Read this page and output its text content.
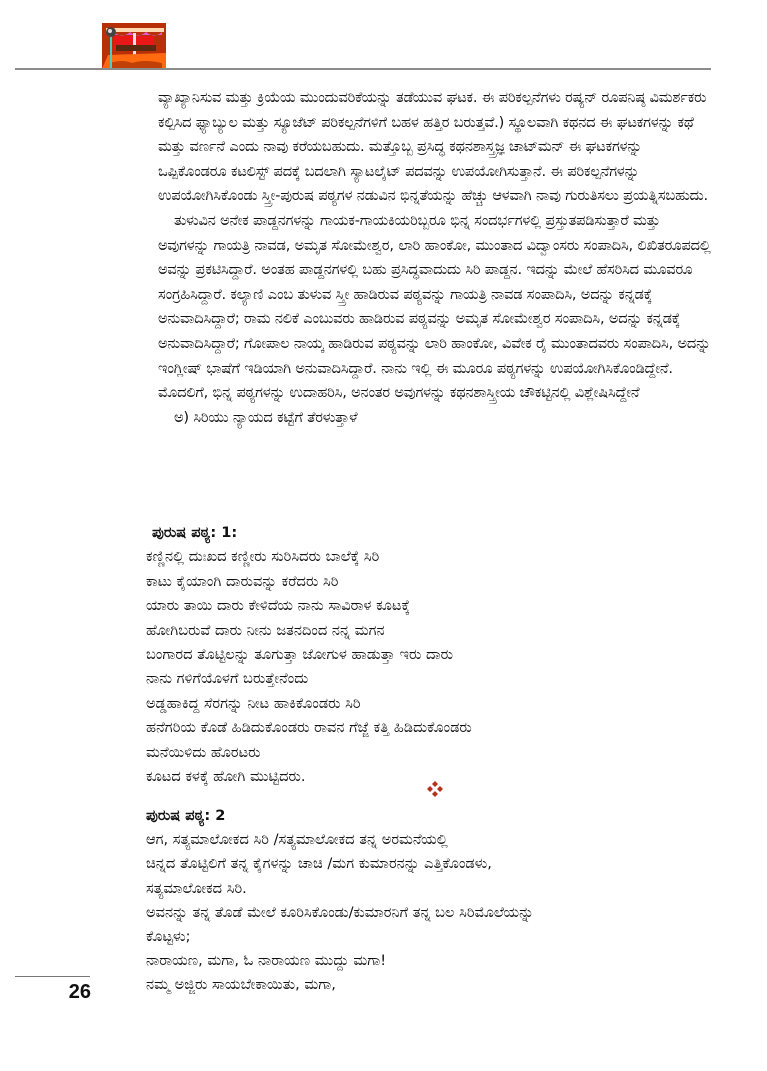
ವ್ಯಾಖ್ಯಾನಿಸುವ ಮತ್ತು ಕ್ರಿಯೆಯ ಮುಂದುವರಿಕೆಯನ್ನು ತಡೆಯುವ ಘಟಕ. ಈ ಪರಿಕಲ್ಪನೆಗಳು ರಷ್ಯನ್ ರೂಪನಿಷ್ಠ ವಿಮರ್ಶಕರು ಕಲ್ಪಿಸಿದ ಫ್ಯಾಬ್ಯುಲ ಮತ್ತು ಸ್ಯೂಜೆಟ್ ಪರಿಕಲ್ಪನೆಗಳಿಗೆ ಬಹಳ ಹತ್ತಿರ ಬರುತ್ತವೆ.) ಸ್ಥೂಲವಾಗಿ ಕಥನದ ಈ ಘಟಕಗಳನ್ನು ಕಥೆ ಮತ್ತು ವರ್ಣನೆ ಎಂದು ನಾವು ಕರೆಯಬಹುದು. ಮತ್ತೊಬ್ಬ ಪ್ರಸಿದ್ಧ ಕಥನಶಾಸ್ತ್ರಜ್ಞ ಚಾಟ್‌ಮನ್ ಈ ಘಟಕಗಳನ್ನು ಒಪ್ಪಿಕೊಂಡರೂ ಕಟಲಿಸ್ಟ್ ಪದಕ್ಕೆ ಬದಲಾಗಿ ಸ್ಯಾಟಲೈಟ್ ಪದವನ್ನು ಉಪಯೋಗಿಸುತ್ತಾನೆ. ಈ ಪರಿಕಲ್ಪನೆಗಳನ್ನು ಉಪಯೋಗಿಸಿಕೊಂಡು ಸ್ತ್ರೀ-ಪುರುಷ ಪಠ್ಯಗಳ ನಡುವಿನ ಭಿನ್ನತೆಯನ್ನು ಹೆಚ್ಚು ಆಳವಾಗಿ ನಾವು ಗುರುತಿಸಲು ಪ್ರಯತ್ನಿಸಬಹುದು.

ತುಳುವಿನ ಅನೇಕ ಪಾಡ್ದನಗಳನ್ನು ಗಾಯಕ-ಗಾಯಕಿಯರಿಬ್ಬರೂ ಭಿನ್ನ ಸಂದರ್ಭಗಳಲ್ಲಿ ಪ್ರಸ್ತುತಪಡಿಸುತ್ತಾರೆ ಮತ್ತು ಅವುಗಳನ್ನು ಗಾಯತ್ರಿ ನಾವಡ, ಅಮೃತ ಸೋಮೇಶ್ವರ, ಲಾರಿ ಹಾಂಕೋ, ಮುಂತಾದ ವಿದ್ವಾಂಸರು ಸಂಪಾದಿಸಿ, ಲಿಖಿತರೂಪದಲ್ಲಿ ಅವನ್ನು ಪ್ರಕಟಿಸಿದ್ದಾರೆ. ಅಂತಹ ಪಾಡ್ದನಗಳಲ್ಲಿ ಬಹು ಪ್ರಸಿದ್ಧವಾದುದು ಸಿರಿ ಪಾಡ್ದನ. ಇದನ್ನು ಮೇಲೆ ಹೆಸರಿಸಿದ ಮೂವರೂ ಸಂಗ್ರಹಿಸಿದ್ದಾರೆ. ಕಲ್ಯಾಣಿ ಎಂಬ ತುಳುವ ಸ್ತ್ರೀ ಹಾಡಿರುವ ಪಠ್ಯವನ್ನು ಗಾಯತ್ರಿ ನಾವಡ ಸಂಪಾದಿಸಿ, ಅದನ್ನು ಕನ್ನಡಕ್ಕೆ ಅನುವಾದಿಸಿದ್ದಾರೆ; ರಾಮ ನಲಿಕೆ ಎಂಬುವರು ಹಾಡಿರುವ ಪಠ್ಯವನ್ನು ಅಮೃತ ಸೋಮೇಶ್ವರ ಸಂಪಾದಿಸಿ, ಅದನ್ನು ಕನ್ನಡಕ್ಕೆ ಅನುವಾದಿಸಿದ್ದಾರೆ; ಗೋಪಾಲ ನಾಯ್ಕ ಹಾಡಿರುವ ಪಠ್ಯವನ್ನು ಲಾರಿ ಹಾಂಕೋ, ವಿವೇಕ ರೈ ಮುಂತಾದವರು ಸಂಪಾದಿಸಿ, ಅದನ್ನು ಇಂಗ್ಲೀಷ್ ಭಾಷೆಗೆ ಇಡಿಯಾಗಿ ಅನುವಾದಿಸಿದ್ದಾರೆ. ನಾನು ಇಲ್ಲಿ ಈ ಮೂರೂ ಪಠ್ಯಗಳನ್ನು ಉಪಯೋಗಿಸಿಕೊಂಡಿದ್ದೇನೆ. ಮೊದಲಿಗೆ, ಭಿನ್ನ ಪಠ್ಯಗಳನ್ನು ಉದಾಹರಿಸಿ, ಅನಂತರ ಅವುಗಳನ್ನು ಕಥನಶಾಸ್ತ್ರೀಯ ಚೌಕಟ್ಟಿನಲ್ಲಿ ವಿಶ್ಲೇಷಿಸಿದ್ದೇನೆ

ಅ) ಸಿರಿಯು ನ್ಯಾಯದ ಕಟ್ಟೆಗೆ ತೆರಳುತ್ತಾಳೆ

ಪುರುಷ ಪಠ್ಯ: 1:

ಕಣ್ಣಿನಲ್ಲಿ ದುಃಖದ ಕಣ್ಣೀರು ಸುರಿಸಿದರು ಬಾಲೆಕ್ಕೆ ಸಿರಿ

ಕಾಟು ಕೈಯಾಂಗಿ ದಾರುವನ್ನು ಕರೆದರು ಸಿರಿ

ಯಾರು ತಾಯಿ ದಾರು ಕೇಳಿದೆಯ ನಾನು ಸಾವಿರಾಳ ಕೂಟಕ್ಕೆ

ಹೋಗಿಬರುವೆ ದಾರು ನೀನು ಜತನದಿಂದ ನನ್ನ ಮಗನ

ಬಂಗಾರದ ತೊಟ್ಟಿಲನ್ನು ತೂಗುತ್ತಾ ಜೋಗುಳ ಹಾಡುತ್ತಾ ಇರು ದಾರು

ನಾನು ಗಳಿಗೆಯೊಳಗೆ ಬರುತ್ತೇನೆಂದು

ಅಡ್ಡಹಾಕಿದ್ದ ಸೆರಗನ್ನು ನೀಟ ಹಾಕಿಕೊಂಡರು ಸಿರಿ

ಹನೆಗರಿಯ ಕೊಡೆ ಹಿಡಿದುಕೊಂಡರು ರಾವನ ಗೆಜ್ಜೆ ಕತ್ತಿ ಹಿಡಿದುಕೊಂಡರು

ಮನೆಯಿಳಿದು ಹೊರಟರು

ಕೂಟದ ಕಳಕ್ಕೆ ಹೋಗಿ ಮುಟ್ಟಿದರು.

ಪುರುಷ ಪಠ್ಯ: 2

ಆಗ, ಸತ್ಯಮಾಲೋಕದ ಸಿರಿ /ಸತ್ಯಮಾಲೋಕದ ತನ್ನ ಅರಮನೆಯಲ್ಲಿ

ಚಿನ್ನದ ತೊಟ್ಟಿಲಿಗೆ ತನ್ನ ಕೈಗಳನ್ನು ಚಾಚಿ /ಮಗ ಕುಮಾರನನ್ನು ಎತ್ತಿಕೊಂಡಳು,

ಸತ್ಯಮಾಲೋಕದ ಸಿರಿ.

ಅವನನ್ನು ತನ್ನ ತೊಡೆ ಮೇಲೆ ಕೂರಿಸಿಕೊಂಡು/ಕುಮಾರನಿಗೆ ತನ್ನ ಬಲ ಸಿರಿಮೊಲೆಯನ್ನು

ಕೊಟ್ಟಳು;

ನಾರಾಯಣ, ಮಗಾ, ಓ ನಾರಾಯಣ ಮುದ್ದು ಮಗಾ!

ನಮ್ಮ ಅಜ್ಜಿರು ಸಾಯಬೇಕಾಯಿತು, ಮಗಾ,

26
